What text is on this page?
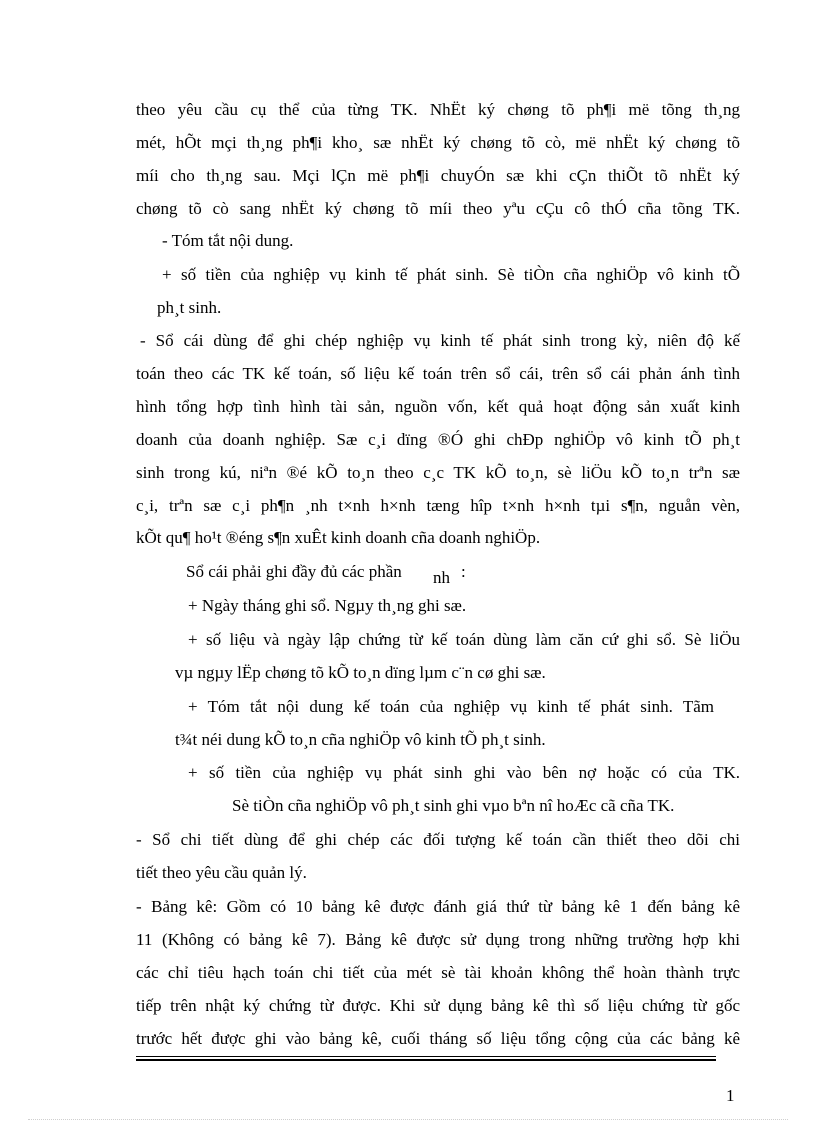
theo yêu cầu cụ thể của từng TK. NhËt ký chøng tõ ph¶i më tõng th¸ng
mét, hÕt mçi th¸ng ph¶i kho¸ sæ nhËt ký chøng tõ cò, më nhËt ký chøng tõ
míi cho th¸ng sau. Mçi lÇn më ph¶i chuyÓn sæ khi cÇn thiÕt tõ nhËt ký
chøng tõ cò sang nhËt ký chøng tõ míi theo yªu cÇu cô thÓ cña tõng TK.
- Tóm tắt nội dung.
+ số tiền của nghiệp vụ kinh tế phát sinh. Sè tiÒn cña nghiÖp vô kinh tÕ
ph¸t sinh.
- Sổ cái dùng để ghi chép nghiệp vụ kinh tế phát sinh trong kỳ, niên độ kế
toán theo các TK kế toán, số liệu kế toán trên sổ cái, trên sổ cái phản ánh tình
hình tổng hợp tình hình tài sản, nguồn vốn, kết quả hoạt động sản xuất kinh
doanh của doanh nghiệp. Sæ c¸i dïng ®Ó ghi chÐp nghiÖp vô kinh tÕ ph¸t
sinh trong kú, niªn ®é kÕ to¸n theo c¸c TK kÕ to¸n, sè liÖu kÕ to¸n trªn sæ
c¸i, trªn sæ c¸i ph¶n ¸nh t×nh h×nh tæng hîp t×nh h×nh tµi s¶n, nguån vèn,
kÕt qu¶ ho¹t ®éng s¶n xuÊt kinh doanh cña doanh nghiÖp.
Sổ cái phải ghi đầy đủ các phần nh :
+ Ngày tháng ghi sổ. Ngµy th¸ng ghi sæ.
+ số liệu và ngày lập chứng từ kế toán dùng làm căn cứ ghi sổ. Sè liÖu
vµ ngµy lËp chøng tõ kÕ to¸n dïng lµm c¨n cø ghi sæ.
+ Tóm tắt nội dung kế toán của nghiệp vụ kinh tế phát sinh. Tãm
t¾t néi dung kÕ to¸n cña nghiÖp vô kinh tÕ ph¸t sinh.
+ số tiền của nghiệp vụ phát sinh ghi vào bên nợ hoặc có của TK.
Sè tiÒn cña nghiÖp vô ph¸t sinh ghi vµo bªn nî hoÆc cã cña TK.
- Sổ chi tiết dùng để ghi chép các đối tượng kế toán cần thiết theo dõi chi
tiết theo yêu cầu quản lý.
- Bảng kê: Gồm có 10 bảng kê được đánh giá thứ từ bảng kê 1 đến bảng kê
11 (Không có bảng kê 7). Bảng kê được sử dụng trong những trường hợp khi
các chỉ tiêu hạch toán chi tiết của mét sè tài khoản không thể hoàn thành trực
tiếp trên nhật ký chứng từ được. Khi sử dụng bảng kê thì số liệu chứng từ gốc
trước hết được ghi vào bảng kê, cuối tháng số liệu tổng cộng của các bảng kê
1
